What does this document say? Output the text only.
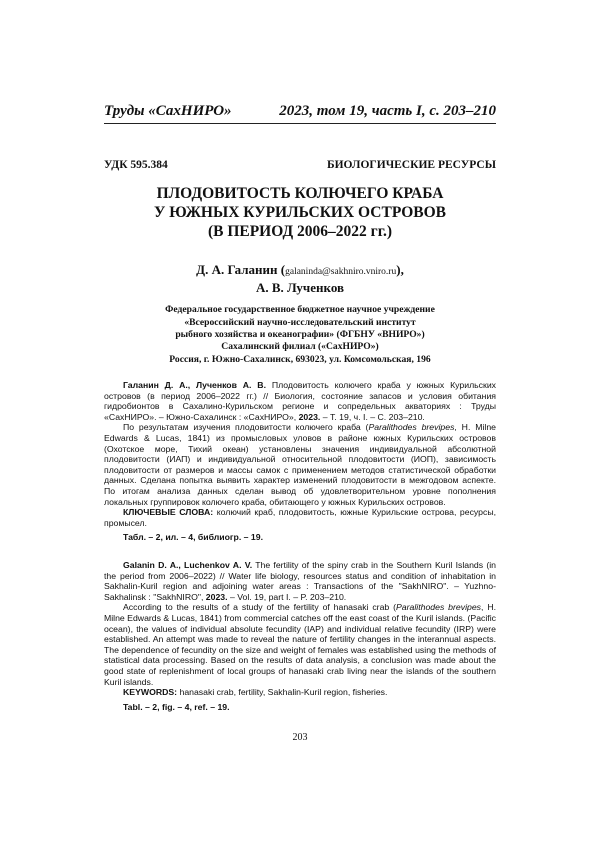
Труды «СахНИРО»	2023, том 19, часть I, с. 203–210
УДК 595.384	БИОЛОГИЧЕСКИЕ РЕСУРСЫ
ПЛОДОВИТОСТЬ КОЛЮЧЕГО КРАБА
У ЮЖНЫХ КУРИЛЬСКИХ ОСТРОВОВ
(В ПЕРИОД 2006–2022 гг.)
Д. А. Галанин (galaninda@sakhniro.vniro.ru),
А. В. Лученков
Федеральное государственное бюджетное научное учреждение
«Всероссийский научно-исследовательский институт
рыбного хозяйства и океанографии» (ФГБНУ «ВНИРО»)
Сахалинский филиал («СахНИРО»)
Россия, г. Южно-Сахалинск, 693023, ул. Комсомольская, 196

Галанин Д. А., Лученков А. В. Плодовитость колючего краба у южных Курильских островов (в период 2006–2022 гг.) // Биология, состояние запасов и условия обитания гидробионтов в Сахалино-Курильском регионе и сопредельных акваториях : Труды «СахНИРО». – Южно-Сахалинск : «СахНИРО», 2023. – Т. 19, ч. I. – С. 203–210.

По результатам изучения плодовитости колючего краба (Paralithodes brevipes, H. Milne Edwards & Lucas, 1841) из промысловых уловов в районе южных Курильских островов (Охотское море, Тихий океан) установлены значения индивидуальной абсолютной плодовитости (ИАП) и индивидуальной относительной плодовитости (ИОП), зависимость плодовитости от размеров и массы самок с применением методов статистической обработки данных. Сделана попытка выявить характер изменений плодовитости в межгодовом аспекте. По итогам анализа данных сделан вывод об удовлетворительном уровне пополнения локальных группировок колючего краба, обитающего у южных Курильских островов.

КЛЮЧЕВЫЕ СЛОВА: колючий краб, плодовитость, южные Курильские острова, ресурсы, промысел.

Табл. – 2, ил. – 4, библиогр. – 19.

Galanin D. A., Luchenkov A. V. The fertility of the spiny crab in the Southern Kuril Islands (in the period from 2006–2022) // Water life biology, resources status and condition of inhabitation in Sakhalin-Kuril region and adjoining water areas : Transactions of the "SakhNIRO". – Yuzhno-Sakhalinsk : "SakhNIRO", 2023. – Vol. 19, part I. – P. 203–210.

According to the results of a study of the fertility of hanasaki crab (Paralithodes brevipes, H. Milne Edwards & Lucas, 1841) from commercial catches off the east coast of the Kuril islands. (Pacific ocean), the values of individual absolute fecundity (IAP) and individual relative fecundity (IRP) were established. An attempt was made to reveal the nature of fertility changes in the interannual aspects. The dependence of fecundity on the size and weight of females was established using the methods of statistical data processing. Based on the results of data analysis, a conclusion was made about the good state of replenishment of local groups of hanasaki crab living near the islands of the southern Kuril islands.

KEYWORDS: hanasaki crab, fertility, Sakhalin-Kuril region, fisheries.

Tabl. – 2, fig. – 4, ref. – 19.

203
